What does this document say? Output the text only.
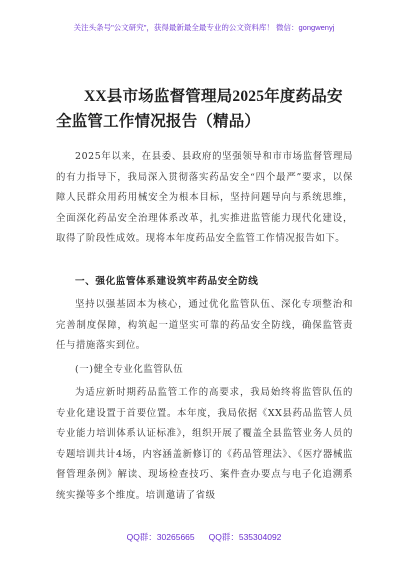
关注头条号"公文研究"，获得最新最全最专业的公文资料库！ 微信：gongwenyj
XX县市场监督管理局2025年度药品安全监管工作情况报告（精品）
2025年以来，在县委、县政府的坚强领导和市市场监督管理局的有力指导下，我局深入贯彻落实药品安全“四个最严”要求，以保障人民群众用药用械安全为根本目标，坚持问题导向与系统思维，全面深化药品安全治理体系改革，扎实推进监管能力现代化建设，取得了阶段性成效。现将本年度药品安全监管工作情况报告如下。
一、强化监管体系建设筑牢药品安全防线
坚持以强基固本为核心，通过优化监管队伍、深化专项整治和完善制度保障，构筑起一道坚实可靠的药品安全防线，确保监管责任与措施落实到位。
(一)健全专业化监管队伍
为适应新时期药品监管工作的高要求，我局始终将监管队伍的专业化建设置于首要位置。本年度，我局依据《XX县药品监管人员专业能力培训体系认证标准》，组织开展了覆盖全县监管业务人员的专题培训共计4场，内容涵盖新修订的《药品管理法》、《医疗器械监督管理条例》解读、现场检查技巧、案件查办要点与电子化追溯系统实操等多个维度。培训邀请了省级
QQ群：30265665 QQ群：535304092
